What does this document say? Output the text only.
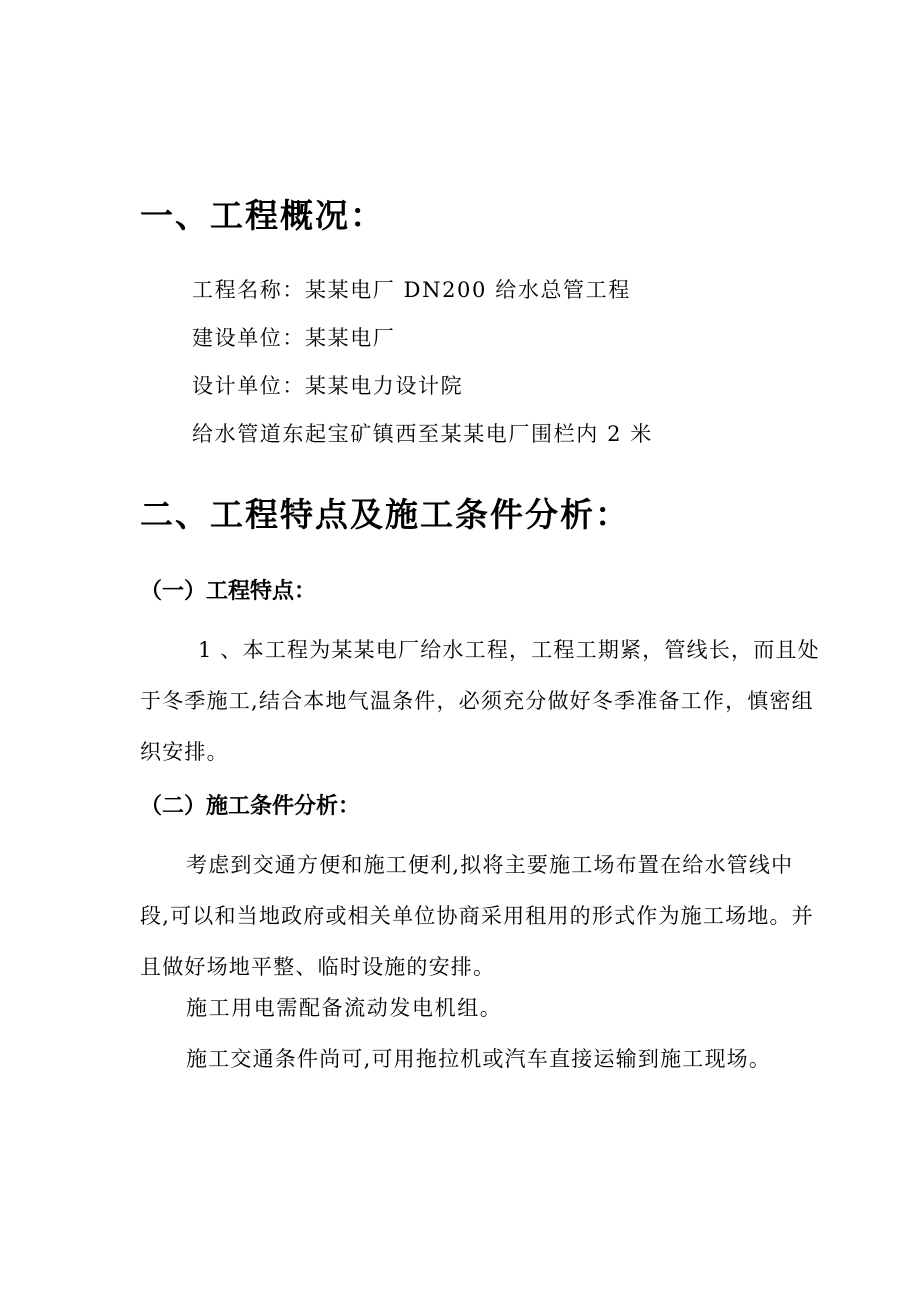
一、工程概况：
工程名称：某某电厂 DN200 给水总管工程
建设单位：某某电厂
设计单位：某某电力设计院
给水管道东起宝矿镇西至某某电厂围栏内 2 米
二、工程特点及施工条件分析：
（一）工程特点：
1 、本工程为某某电厂给水工程，工程工期紧，管线长，而且处于冬季施工,结合本地气温条件，必须充分做好冬季准备工作，慎密组织安排。
（二）施工条件分析：
考虑到交通方便和施工便利,拟将主要施工场布置在给水管线中段,可以和当地政府或相关单位协商采用租用的形式作为施工场地。并且做好场地平整、临时设施的安排。
施工用电需配备流动发电机组。
施工交通条件尚可,可用拖拉机或汽车直接运输到施工现场。
